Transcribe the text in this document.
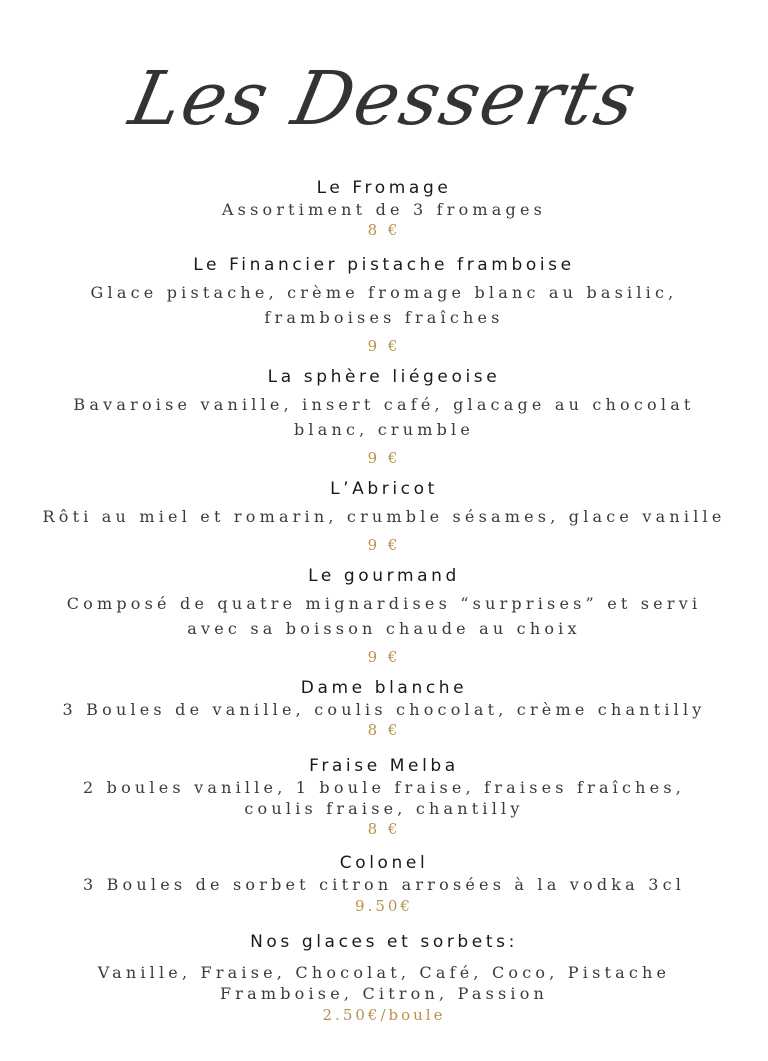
Les Desserts
Le Fromage
Assortiment de 3 fromages
8 €
Le Financier pistache framboise
Glace pistache, crème fromage blanc au basilic, framboises fraîches
9 €
La sphère liégeoise
Bavaroise vanille, insert café, glacage au chocolat blanc, crumble
9 €
L’Abricot
Rôti au miel et romarin, crumble sésames, glace vanille
9 €
Le gourmand
Composé de quatre mignardises “surprises” et servi avec sa boisson chaude au choix
9 €
Dame blanche
3 Boules de vanille, coulis chocolat, crème chantilly
8 €
Fraise Melba
2 boules vanille, 1 boule fraise, fraises fraîches, coulis fraise, chantilly
8 €
Colonel
3 Boules de sorbet citron arrosées à la vodka 3cl
9.50€
Nos glaces et sorbets:
Vanille, Fraise, Chocolat, Café, Coco, Pistache Framboise, Citron, Passion
2.50€/boule
